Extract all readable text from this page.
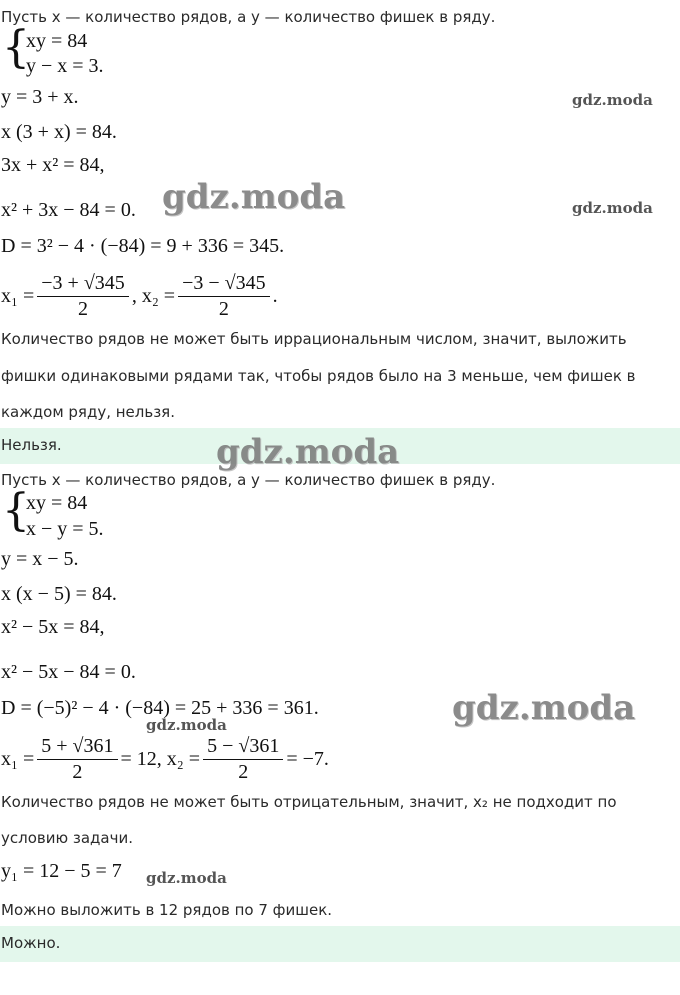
Пусть x — количество рядов, а y — количество фишек в ряду.
{
xy = 84
y − x = 3.
y = 3 + x.
x (3 + x) = 84.
3x + x² = 84,
x² + 3x − 84 = 0.
D = 3² − 4 · (−84) = 9 + 336 = 345.
$x_1 = \frac{-3 + √345}{2}$ , $x_2 = \frac{-3 - √345}{2}$ .
Количество рядов не может быть иррациональным числом, значит, выложить
фишки одинаковыми рядами так, чтобы рядов было на 3 меньше, чем фишек в
каждом ряду, нельзя.
Нельзя.
Пусть x — количество рядов, а y — количество фишек в ряду.
{
xy = 84
x − y = 5.
y = x − 5.
x (x − 5) = 84.
x² − 5x = 84,
x² − 5x − 84 = 0.
D = (−5)² − 4 · (−84) = 25 + 336 = 361.
$x_1 = \frac{5 + √361}{2} = 12$, $x_2 = \frac{5 - √361}{2} = -7$.
Количество рядов не может быть отрицательным, значит, x₂ не подходит по
условию задачи.
y₁ = 12 − 5 = 7
Можно выложить в 12 рядов по 7 фишек.
Можно.
gdz.moda
gdz.moda
gdz.moda
gdz.moda
gdz.moda
gdz.moda
gdz.moda
